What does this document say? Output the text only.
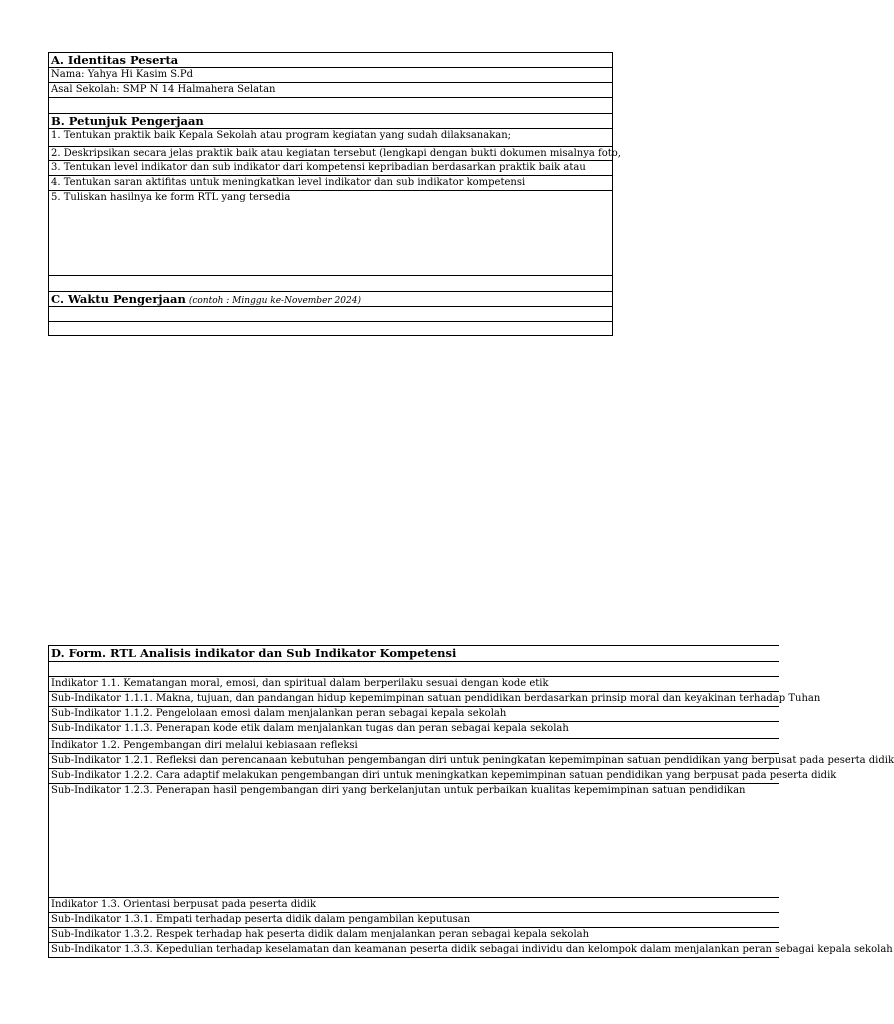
A. Identitas Peserta
Nama: Yahya Hi Kasim S.Pd
Asal Sekolah: SMP N 14 Halmahera Selatan
B. Petunjuk Pengerjaan
1. Tentukan praktik baik Kepala Sekolah atau program kegiatan yang sudah dilaksanakan;
2. Deskripsikan secara jelas praktik baik atau kegiatan tersebut (lengkapi dengan bukti dokumen misalnya foto,
3. Tentukan level indikator dan sub indikator dari kompetensi kepribadian berdasarkan praktik baik atau
4. Tentukan saran aktifitas untuk meningkatkan level indikator dan sub indikator kompetensi
5. Tuliskan hasilnya ke form RTL yang tersedia
C. Waktu Pengerjaan (contoh : Minggu ke-November 2024)
D. Form. RTL Analisis indikator dan Sub Indikator Kompetensi
Indikator 1.1. Kematangan moral, emosi, dan spiritual dalam berperilaku sesuai dengan kode etik
Sub-Indikator 1.1.1. Makna, tujuan, dan pandangan hidup kepemimpinan satuan pendidikan berdasarkan prinsip moral dan keyakinan terhadap Tuhan
Sub-Indikator 1.1.2. Pengelolaan emosi dalam menjalankan peran sebagai kepala sekolah
Sub-Indikator 1.1.3. Penerapan kode etik dalam menjalankan tugas dan peran sebagai kepala sekolah
Indikator 1.2. Pengembangan diri melalui kebiasaan refleksi
Sub-Indikator 1.2.1. Refleksi dan perencanaan kebutuhan pengembangan diri untuk peningkatan kepemimpinan satuan pendidikan yang berpusat pada peserta didik
Sub-Indikator 1.2.2. Cara adaptif melakukan pengembangan diri untuk meningkatkan kepemimpinan satuan pendidikan yang berpusat pada peserta didik
Sub-Indikator 1.2.3. Penerapan hasil pengembangan diri yang berkelanjutan untuk perbaikan kualitas kepemimpinan satuan pendidikan
Indikator 1.3. Orientasi berpusat pada peserta didik
Sub-Indikator 1.3.1. Empati terhadap peserta didik dalam pengambilan keputusan
Sub-Indikator 1.3.2. Respek terhadap hak peserta didik dalam menjalankan peran sebagai kepala sekolah
Sub-Indikator 1.3.3. Kepedulian terhadap keselamatan dan keamanan peserta didik sebagai individu dan kelompok dalam menjalankan peran sebagai kepala sekolah
